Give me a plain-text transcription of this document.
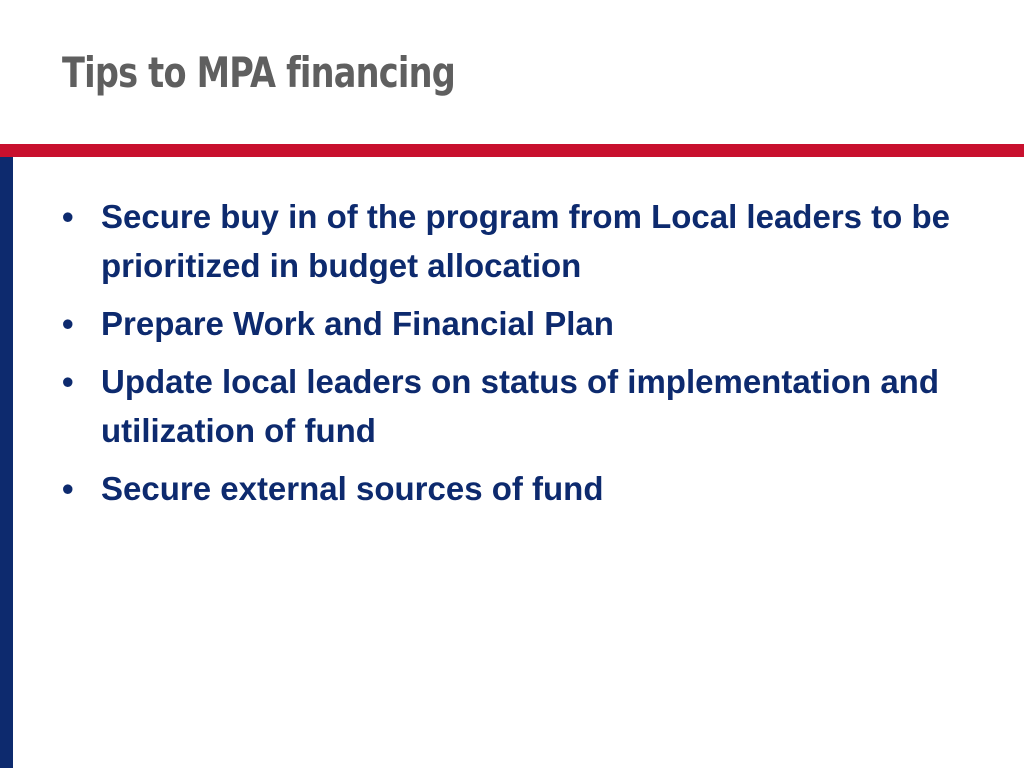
Tips to MPA financing
• Secure buy in of the program from Local leaders to be prioritized in budget allocation
• Prepare Work and Financial Plan
• Update local leaders on status of implementation and utilization of fund
• Secure external sources of fund
